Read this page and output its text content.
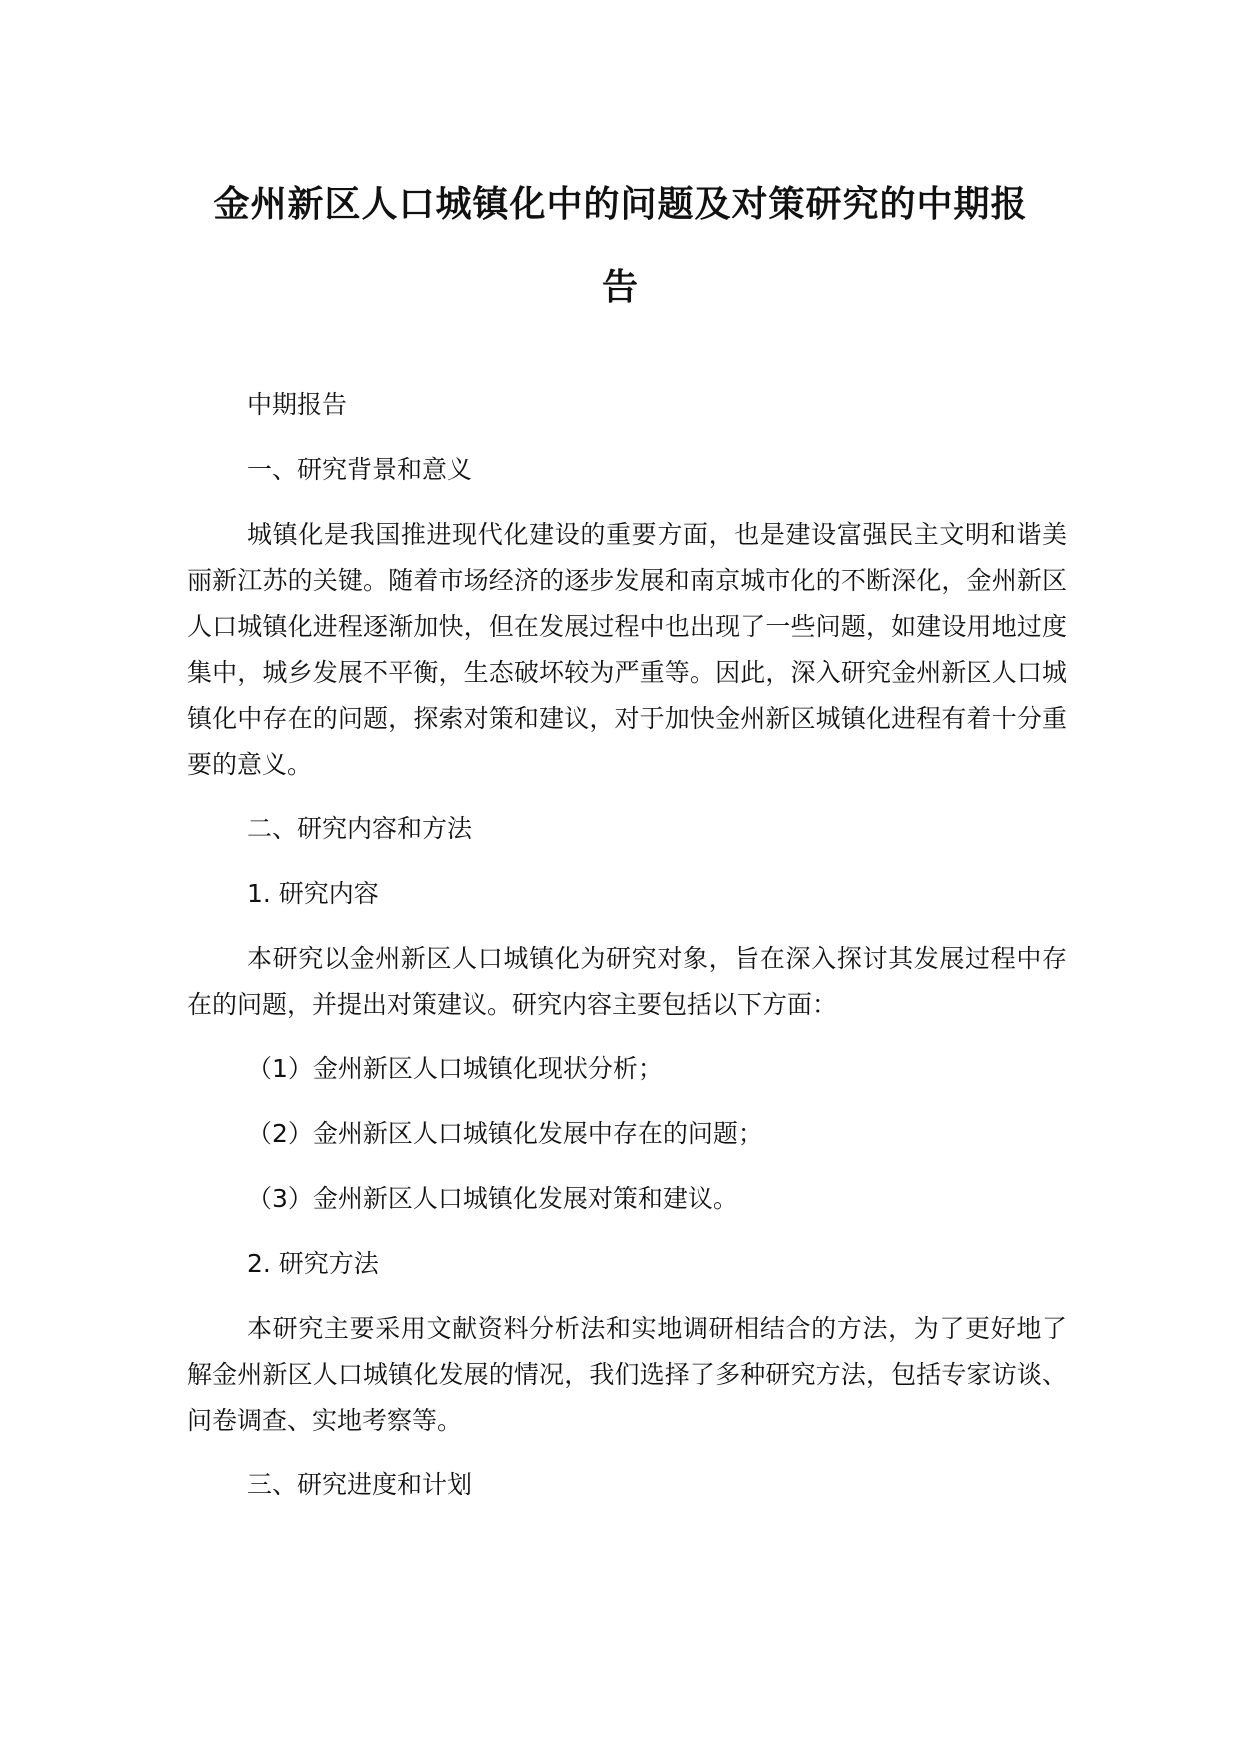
金州新区人口城镇化中的问题及对策研究的中期报
告
中期报告
一、研究背景和意义

城镇化是我国推进现代化建设的重要方面，也是建设富强民主文明和谐美丽新江苏的关键。随着市场经济的逐步发展和南京城市化的不断深化，金州新区人口城镇化进程逐渐加快，但在发展过程中也出现了一些问题，如建设用地过度集中，城乡发展不平衡，生态破坏较为严重等。因此，深入研究金州新区人口城镇化中存在的问题，探索对策和建议，对于加快金州新区城镇化进程有着十分重要的意义。

二、研究内容和方法
1. 研究内容

本研究以金州新区人口城镇化为研究对象，旨在深入探讨其发展过程中存在的问题，并提出对策建议。研究内容主要包括以下方面：

（1）金州新区人口城镇化现状分析；
（2）金州新区人口城镇化发展中存在的问题；
（3）金州新区人口城镇化发展对策和建议。
2. 研究方法

本研究主要采用文献资料分析法和实地调研相结合的方法，为了更好地了解金州新区人口城镇化发展的情况，我们选择了多种研究方法，包括专家访谈、问卷调查、实地考察等。

三、研究进度和计划
